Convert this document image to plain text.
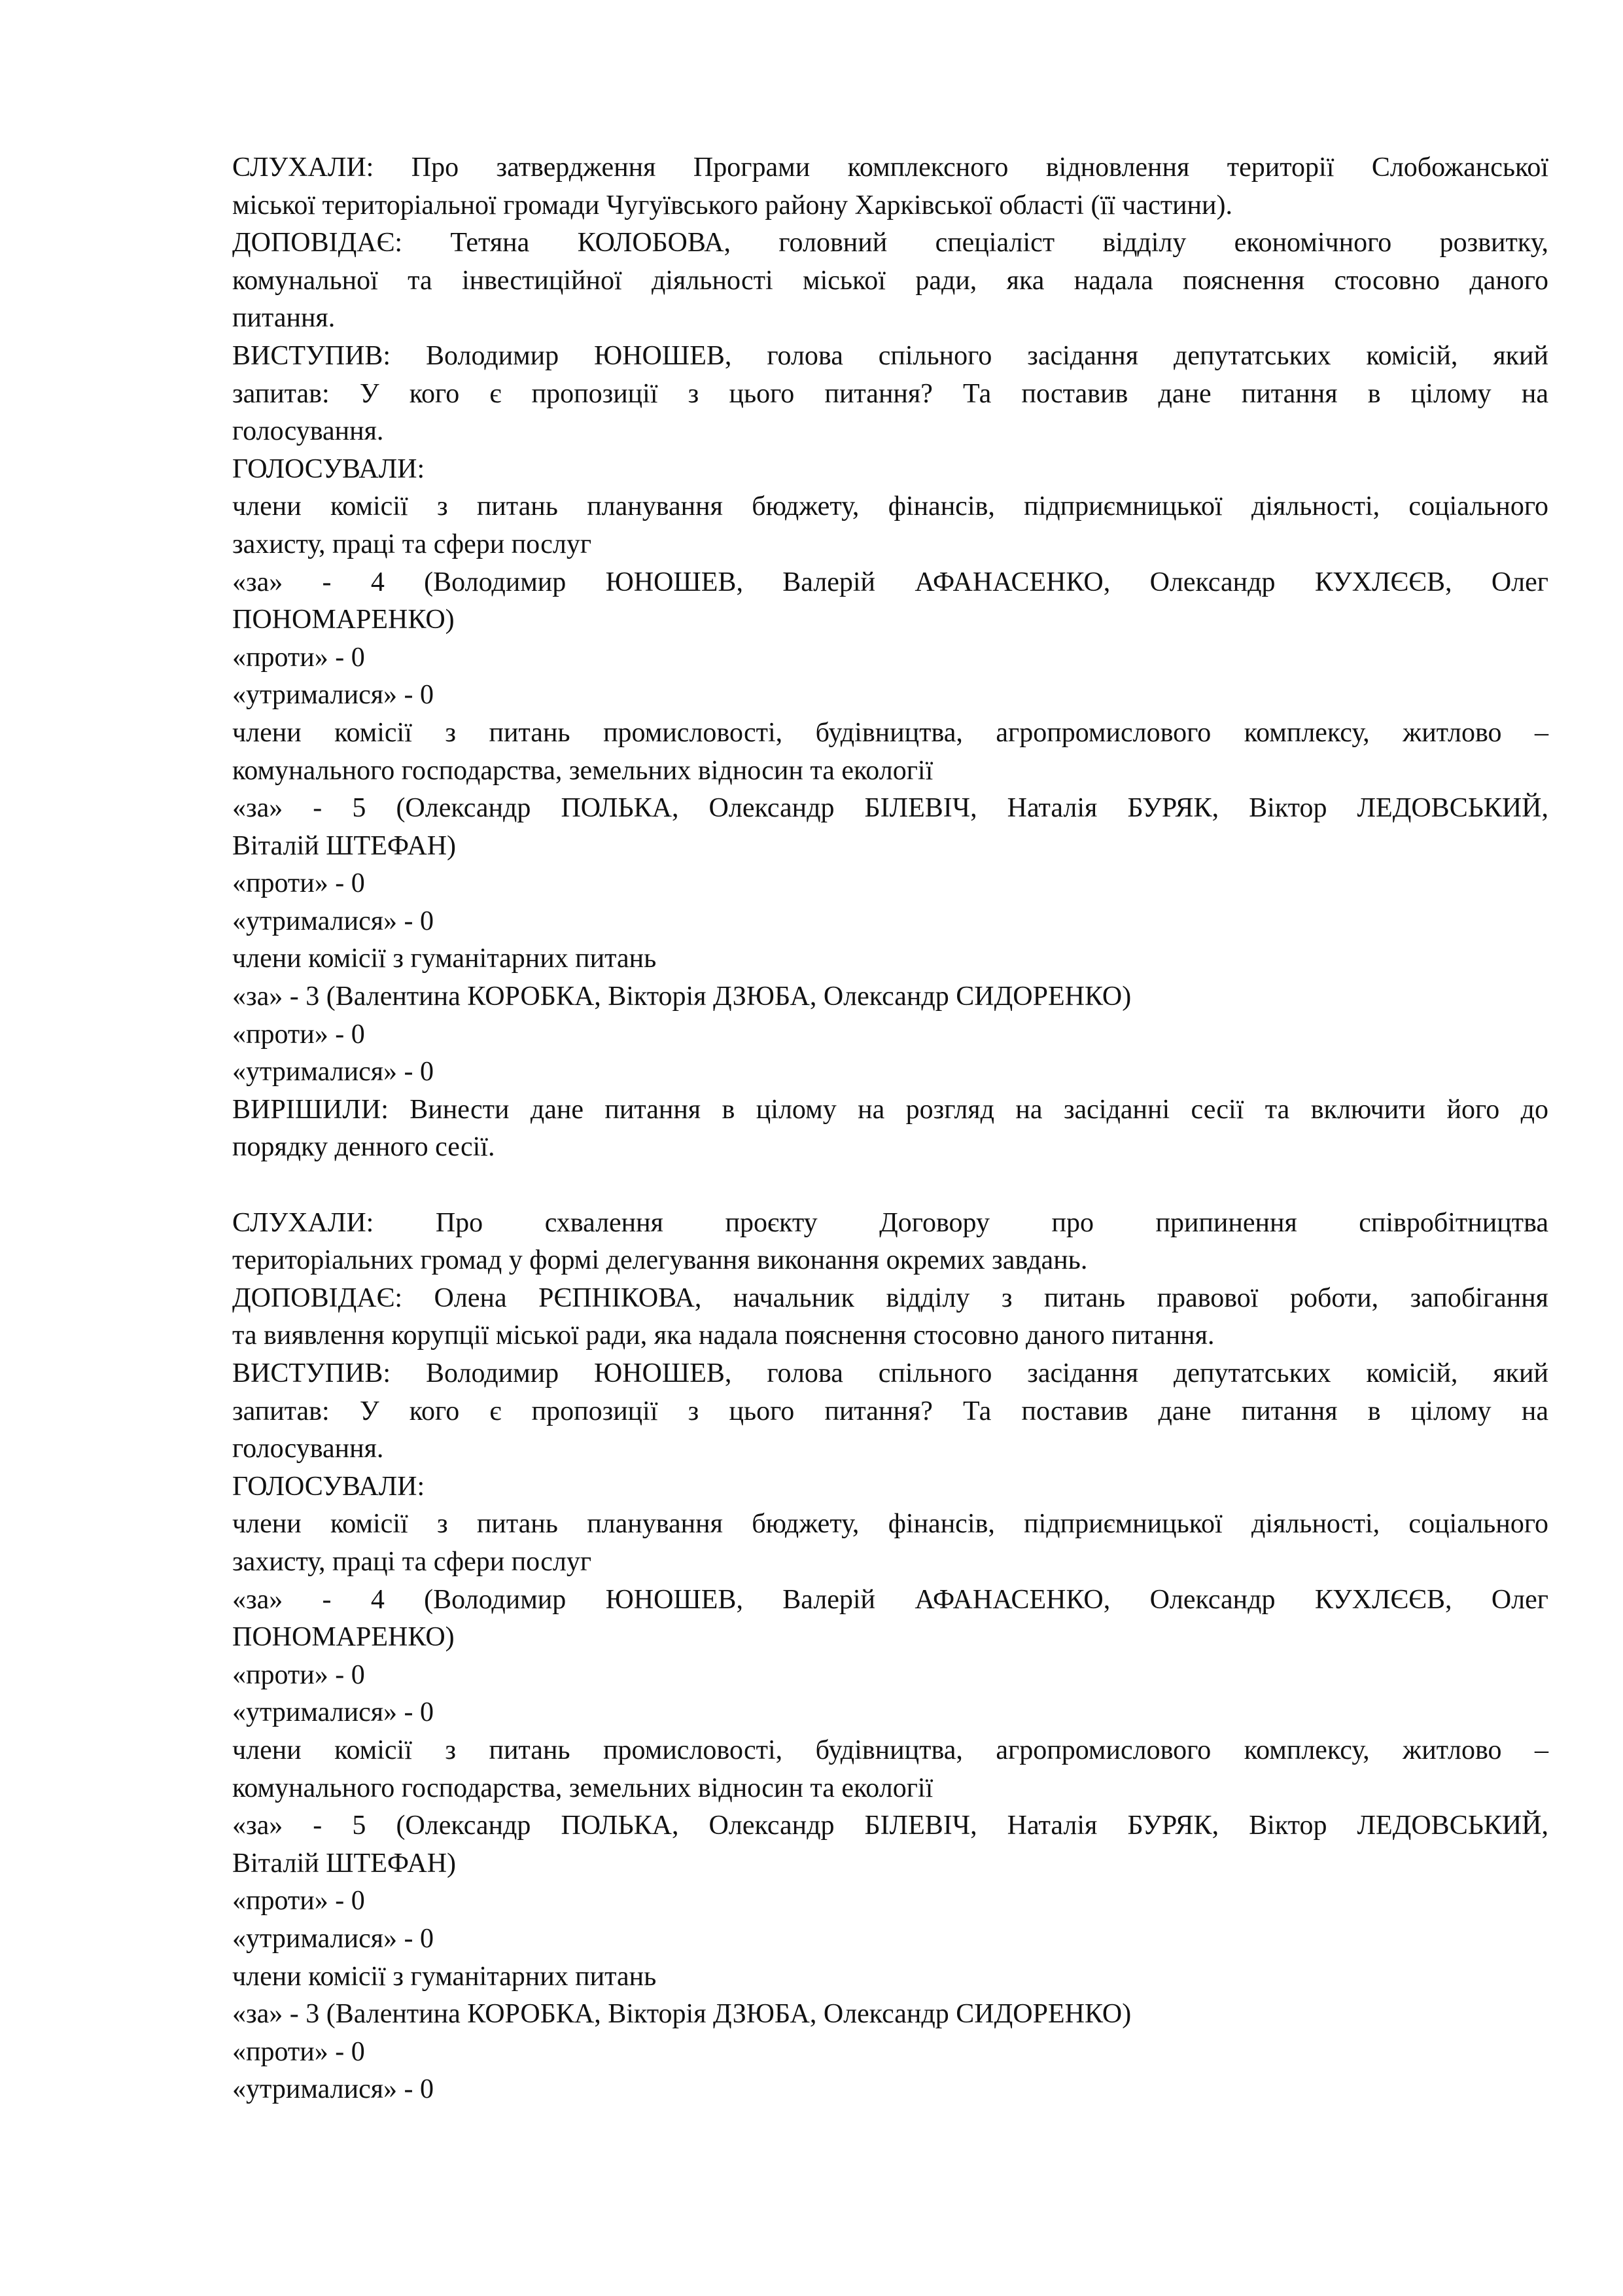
СЛУХАЛИ: Про затвердження Програми комплексного відновлення території Слобожанської
міської територіальної громади Чугуївського району Харківської області (її частини).
ДОПОВІДАЄ: Тетяна КОЛОБОВА, головний спеціаліст відділу економічного розвитку,
комунальної та інвестиційної діяльності міської ради, яка надала пояснення стосовно даного
питання.
ВИСТУПИВ: Володимир ЮНОШЕВ, голова спільного засідання депутатських комісій, який
запитав: У кого є пропозиції з цього питання? Та поставив дане питання в цілому на
голосування.
ГОЛОСУВАЛИ:
члени комісії з питань планування бюджету, фінансів, підприємницької діяльності, соціального
захисту, праці та сфери послуг
«за» - 4 (Володимир ЮНОШЕВ, Валерій АФАНАСЕНКО, Олександр КУХЛЄЄВ, Олег
ПОНОМАРЕНКО)
«проти» - 0
«утрималися» - 0
члени комісії з питань промисловості, будівництва, агропромислового комплексу, житлово –
комунального господарства, земельних відносин та екології
«за» - 5 (Олександр ПОЛЬКА, Олександр БІЛЕВІЧ, Наталія БУРЯК, Віктор ЛЕДОВСЬКИЙ,
Віталій ШТЕФАН)
«проти» - 0
«утрималися» - 0
члени комісії з гуманітарних питань
«за» - 3 (Валентина КОРОБКА, Вікторія ДЗЮБА, Олександр СИДОРЕНКО)
«проти» - 0
«утрималися» - 0
ВИРІШИЛИ: Винести дане питання в цілому на розгляд на засіданні сесії та включити його до
порядку денного сесії.
СЛУХАЛИ: Про схвалення проєкту Договору про припинення співробітництва
територіальних громад у формі делегування виконання окремих завдань.
ДОПОВІДАЄ: Олена РЄПНІКОВА, начальник відділу з питань правової роботи, запобігання
та виявлення корупції міської ради, яка надала пояснення стосовно даного питання.
ВИСТУПИВ: Володимир ЮНОШЕВ, голова спільного засідання депутатських комісій, який
запитав: У кого є пропозиції з цього питання? Та поставив дане питання в цілому на
голосування.
ГОЛОСУВАЛИ:
члени комісії з питань планування бюджету, фінансів, підприємницької діяльності, соціального
захисту, праці та сфери послуг
«за» - 4 (Володимир ЮНОШЕВ, Валерій АФАНАСЕНКО, Олександр КУХЛЄЄВ, Олег
ПОНОМАРЕНКО)
«проти» - 0
«утрималися» - 0
члени комісії з питань промисловості, будівництва, агропромислового комплексу, житлово –
комунального господарства, земельних відносин та екології
«за» - 5 (Олександр ПОЛЬКА, Олександр БІЛЕВІЧ, Наталія БУРЯК, Віктор ЛЕДОВСЬКИЙ,
Віталій ШТЕФАН)
«проти» - 0
«утрималися» - 0
члени комісії з гуманітарних питань
«за» - 3 (Валентина КОРОБКА, Вікторія ДЗЮБА, Олександр СИДОРЕНКО)
«проти» - 0
«утрималися» - 0
